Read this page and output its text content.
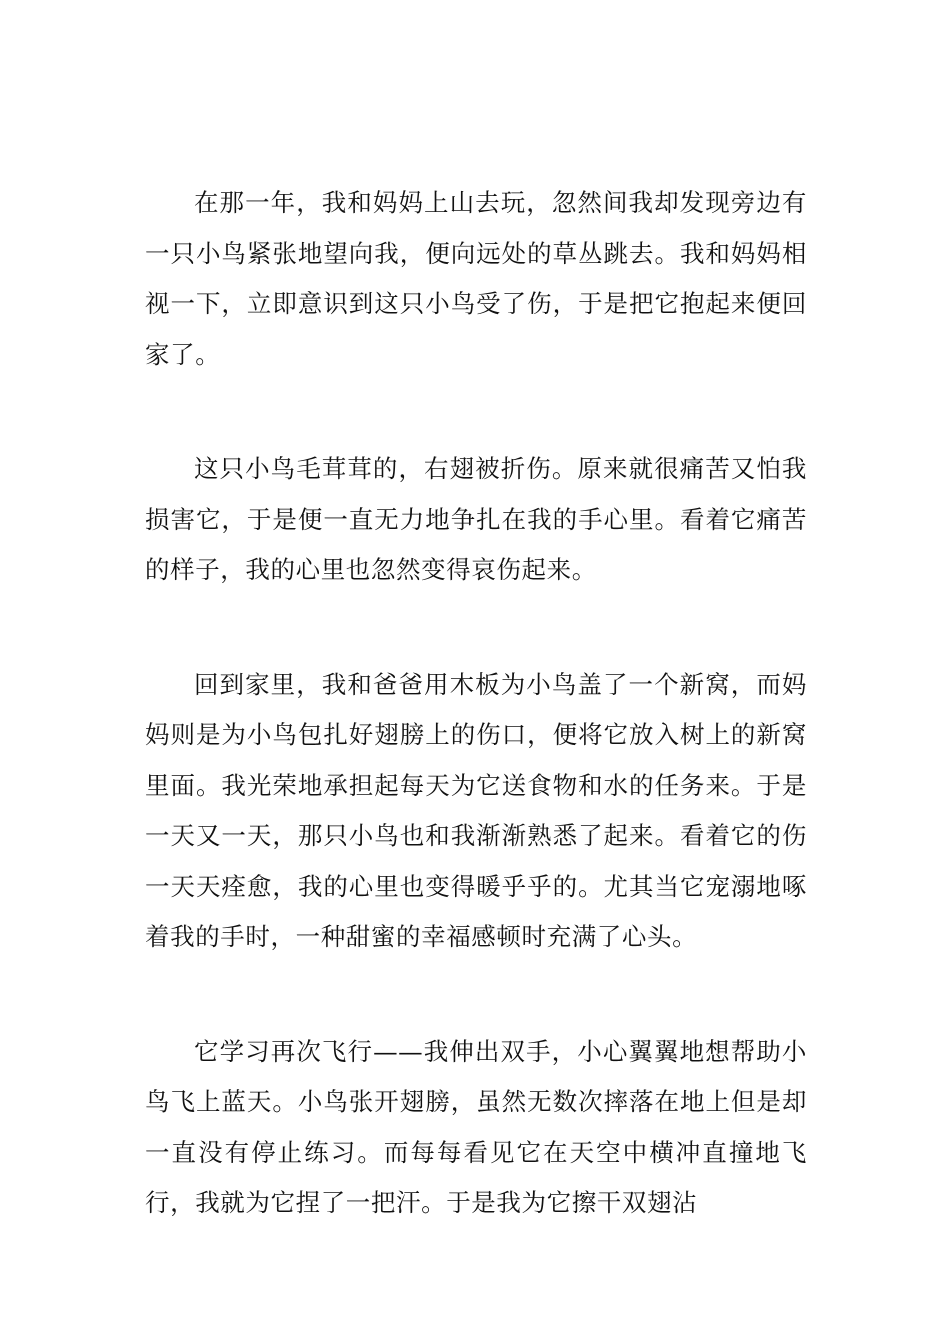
在那一年，我和妈妈上山去玩，忽然间我却发现旁边有一只小鸟紧张地望向我，便向远处的草丛跳去。我和妈妈相视一下，立即意识到这只小鸟受了伤，于是把它抱起来便回家了。

这只小鸟毛茸茸的，右翅被折伤。原来就很痛苦又怕我损害它，于是便一直无力地争扎在我的手心里。看着它痛苦的样子，我的心里也忽然变得哀伤起来。

回到家里，我和爸爸用木板为小鸟盖了一个新窝，而妈妈则是为小鸟包扎好翅膀上的伤口，便将它放入树上的新窝里面。我光荣地承担起每天为它送食物和水的任务来。于是一天又一天，那只小鸟也和我渐渐熟悉了起来。看着它的伤一天天痊愈，我的心里也变得暖乎乎的。尤其当它宠溺地啄着我的手时，一种甜蜜的幸福感顿时充满了心头。

它学习再次飞行——我伸出双手，小心翼翼地想帮助小鸟飞上蓝天。小鸟张开翅膀，虽然无数次摔落在地上但是却一直没有停止练习。而每每看见它在天空中横冲直撞地飞行，我就为它捏了一把汗。于是我为它擦干双翅沾
